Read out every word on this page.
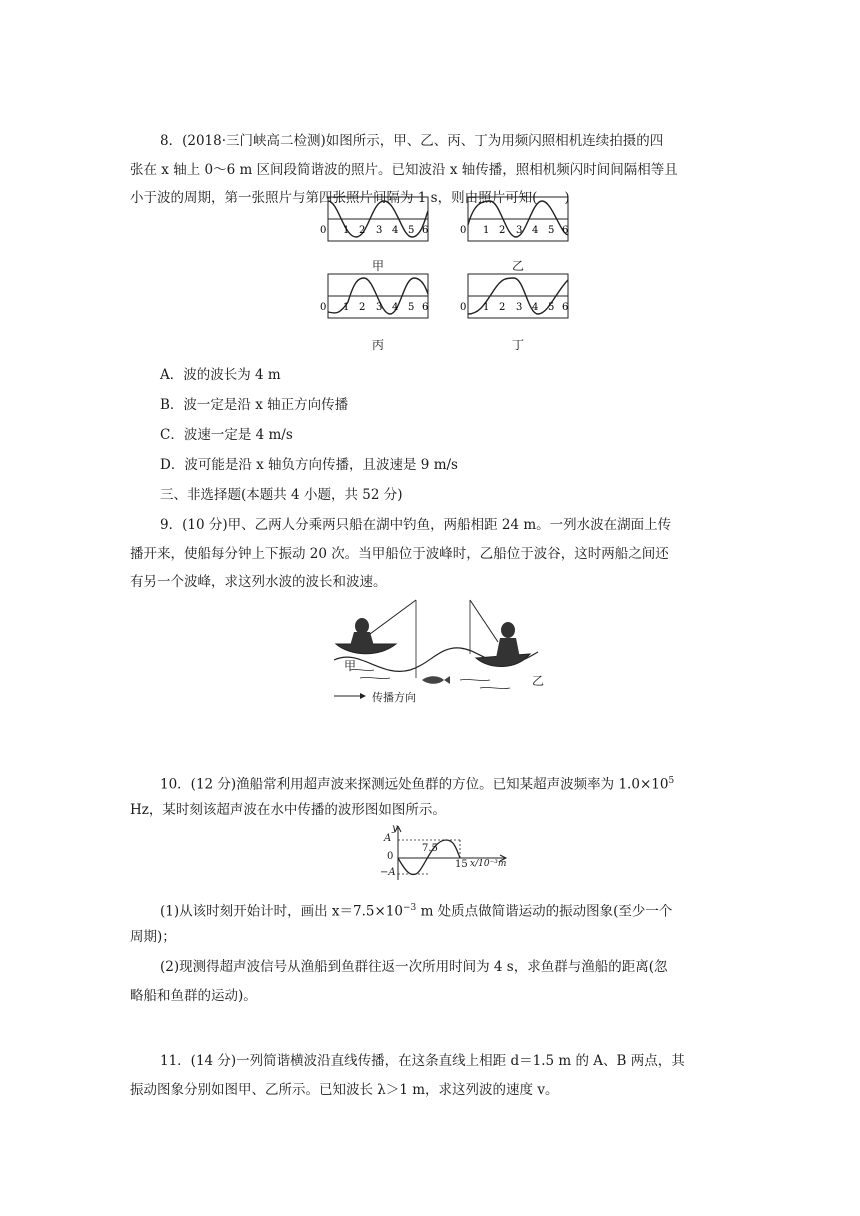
8．(2018·三门峡高二检测)如图所示，甲、乙、丙、丁为用频闪照相机连续拍摄的四
张在 x 轴上 0～6 m 区间段简谐波的照片。已知波沿 x 轴传播，照相机频闪时间间隔相等且
小于波的周期，第一张照片与第四张照片间隔为 1 s，则由照片可知(　　)
0 1 2 3 4 5 6
甲
0 1 2 3 4 5 6
乙
0 1 2 3 4 5 6
丙
0 1 2 3 4 5 6
丁
A．波的波长为 4 m
B．波一定是沿 x 轴正方向传播
C．波速一定是 4 m/s
D．波可能是沿 x 轴负方向传播，且波速是 9 m/s
三、非选择题(本题共 4 小题，共 52 分)
9．(10 分)甲、乙两人分乘两只船在湖中钓鱼，两船相距 24 m。一列水波在湖面上传
播开来，使船每分钟上下振动 20 次。当甲船位于波峰时，乙船位于波谷，这时两船之间还
有另一个波峰，求这列水波的波长和波速。
甲
乙
传播方向
10．(12 分)渔船常利用超声波来探测远处鱼群的方位。已知某超声波频率为 $1.0\times 10^5$
Hz，某时刻该超声波在水中传播的波形图如图所示。
y
A
0
−A
7.5
15 x/10⁻³m
(1)从该时刻开始计时，画出 $x=7.5\times 10^{-3}$ m 处质点做简谐运动的振动图象(至少一个
周期)；
(2)现测得超声波信号从渔船到鱼群往返一次所用时间为 4 s，求鱼群与渔船的距离(忽
略船和鱼群的运动)。
11．(14 分)一列简谐横波沿直线传播，在这条直线上相距 d＝1.5 m 的 A、B 两点，其
振动图象分别如图甲、乙所示。已知波长 λ＞1 m，求这列波的速度 v。
